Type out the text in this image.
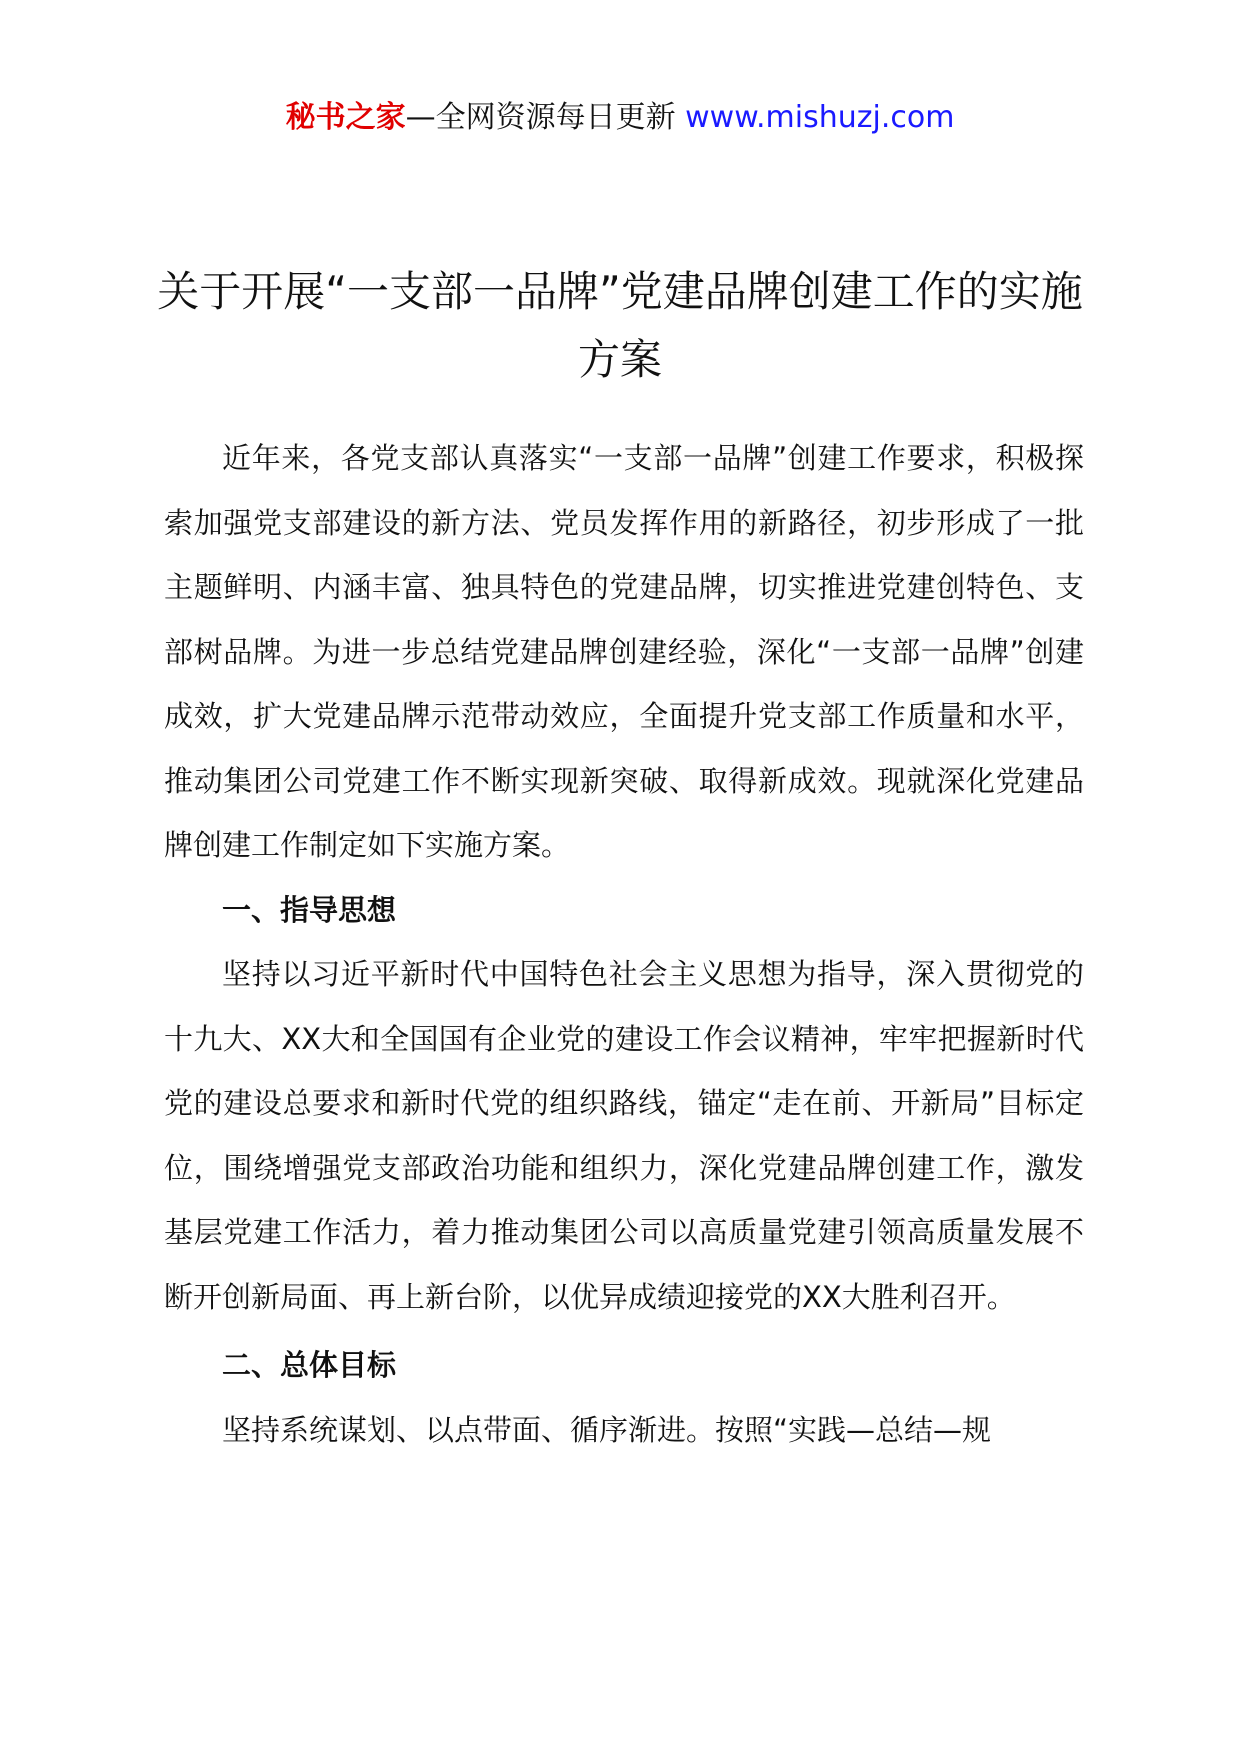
秘书之家—全网资源每日更新 www.mishuzj.com
关于开展“一支部一品牌”党建品牌创建工作的实施方案

近年来，各党支部认真落实“一支部一品牌”创建工作要求，积极探索加强党支部建设的新方法、党员发挥作用的新路径，初步形成了一批主题鲜明、内涵丰富、独具特色的党建品牌，切实推进党建创特色、支部树品牌。为进一步总结党建品牌创建经验，深化“一支部一品牌”创建成效，扩大党建品牌示范带动效应，全面提升党支部工作质量和水平，推动集团公司党建工作不断实现新突破、取得新成效。现就深化党建品牌创建工作制定如下实施方案。

一、指导思想

坚持以习近平新时代中国特色社会主义思想为指导，深入贯彻党的十九大、XX大和全国国有企业党的建设工作会议精神，牢牢把握新时代党的建设总要求和新时代党的组织路线，锚定“走在前、开新局”目标定位，围绕增强党支部政治功能和组织力，深化党建品牌创建工作，激发基层党建工作活力，着力推动集团公司以高质量党建引领高质量发展不断开创新局面、再上新台阶，以优异成绩迎接党的XX大胜利召开。

二、总体目标

坚持系统谋划、以点带面、循序渐进。按照“实践—总结—规
